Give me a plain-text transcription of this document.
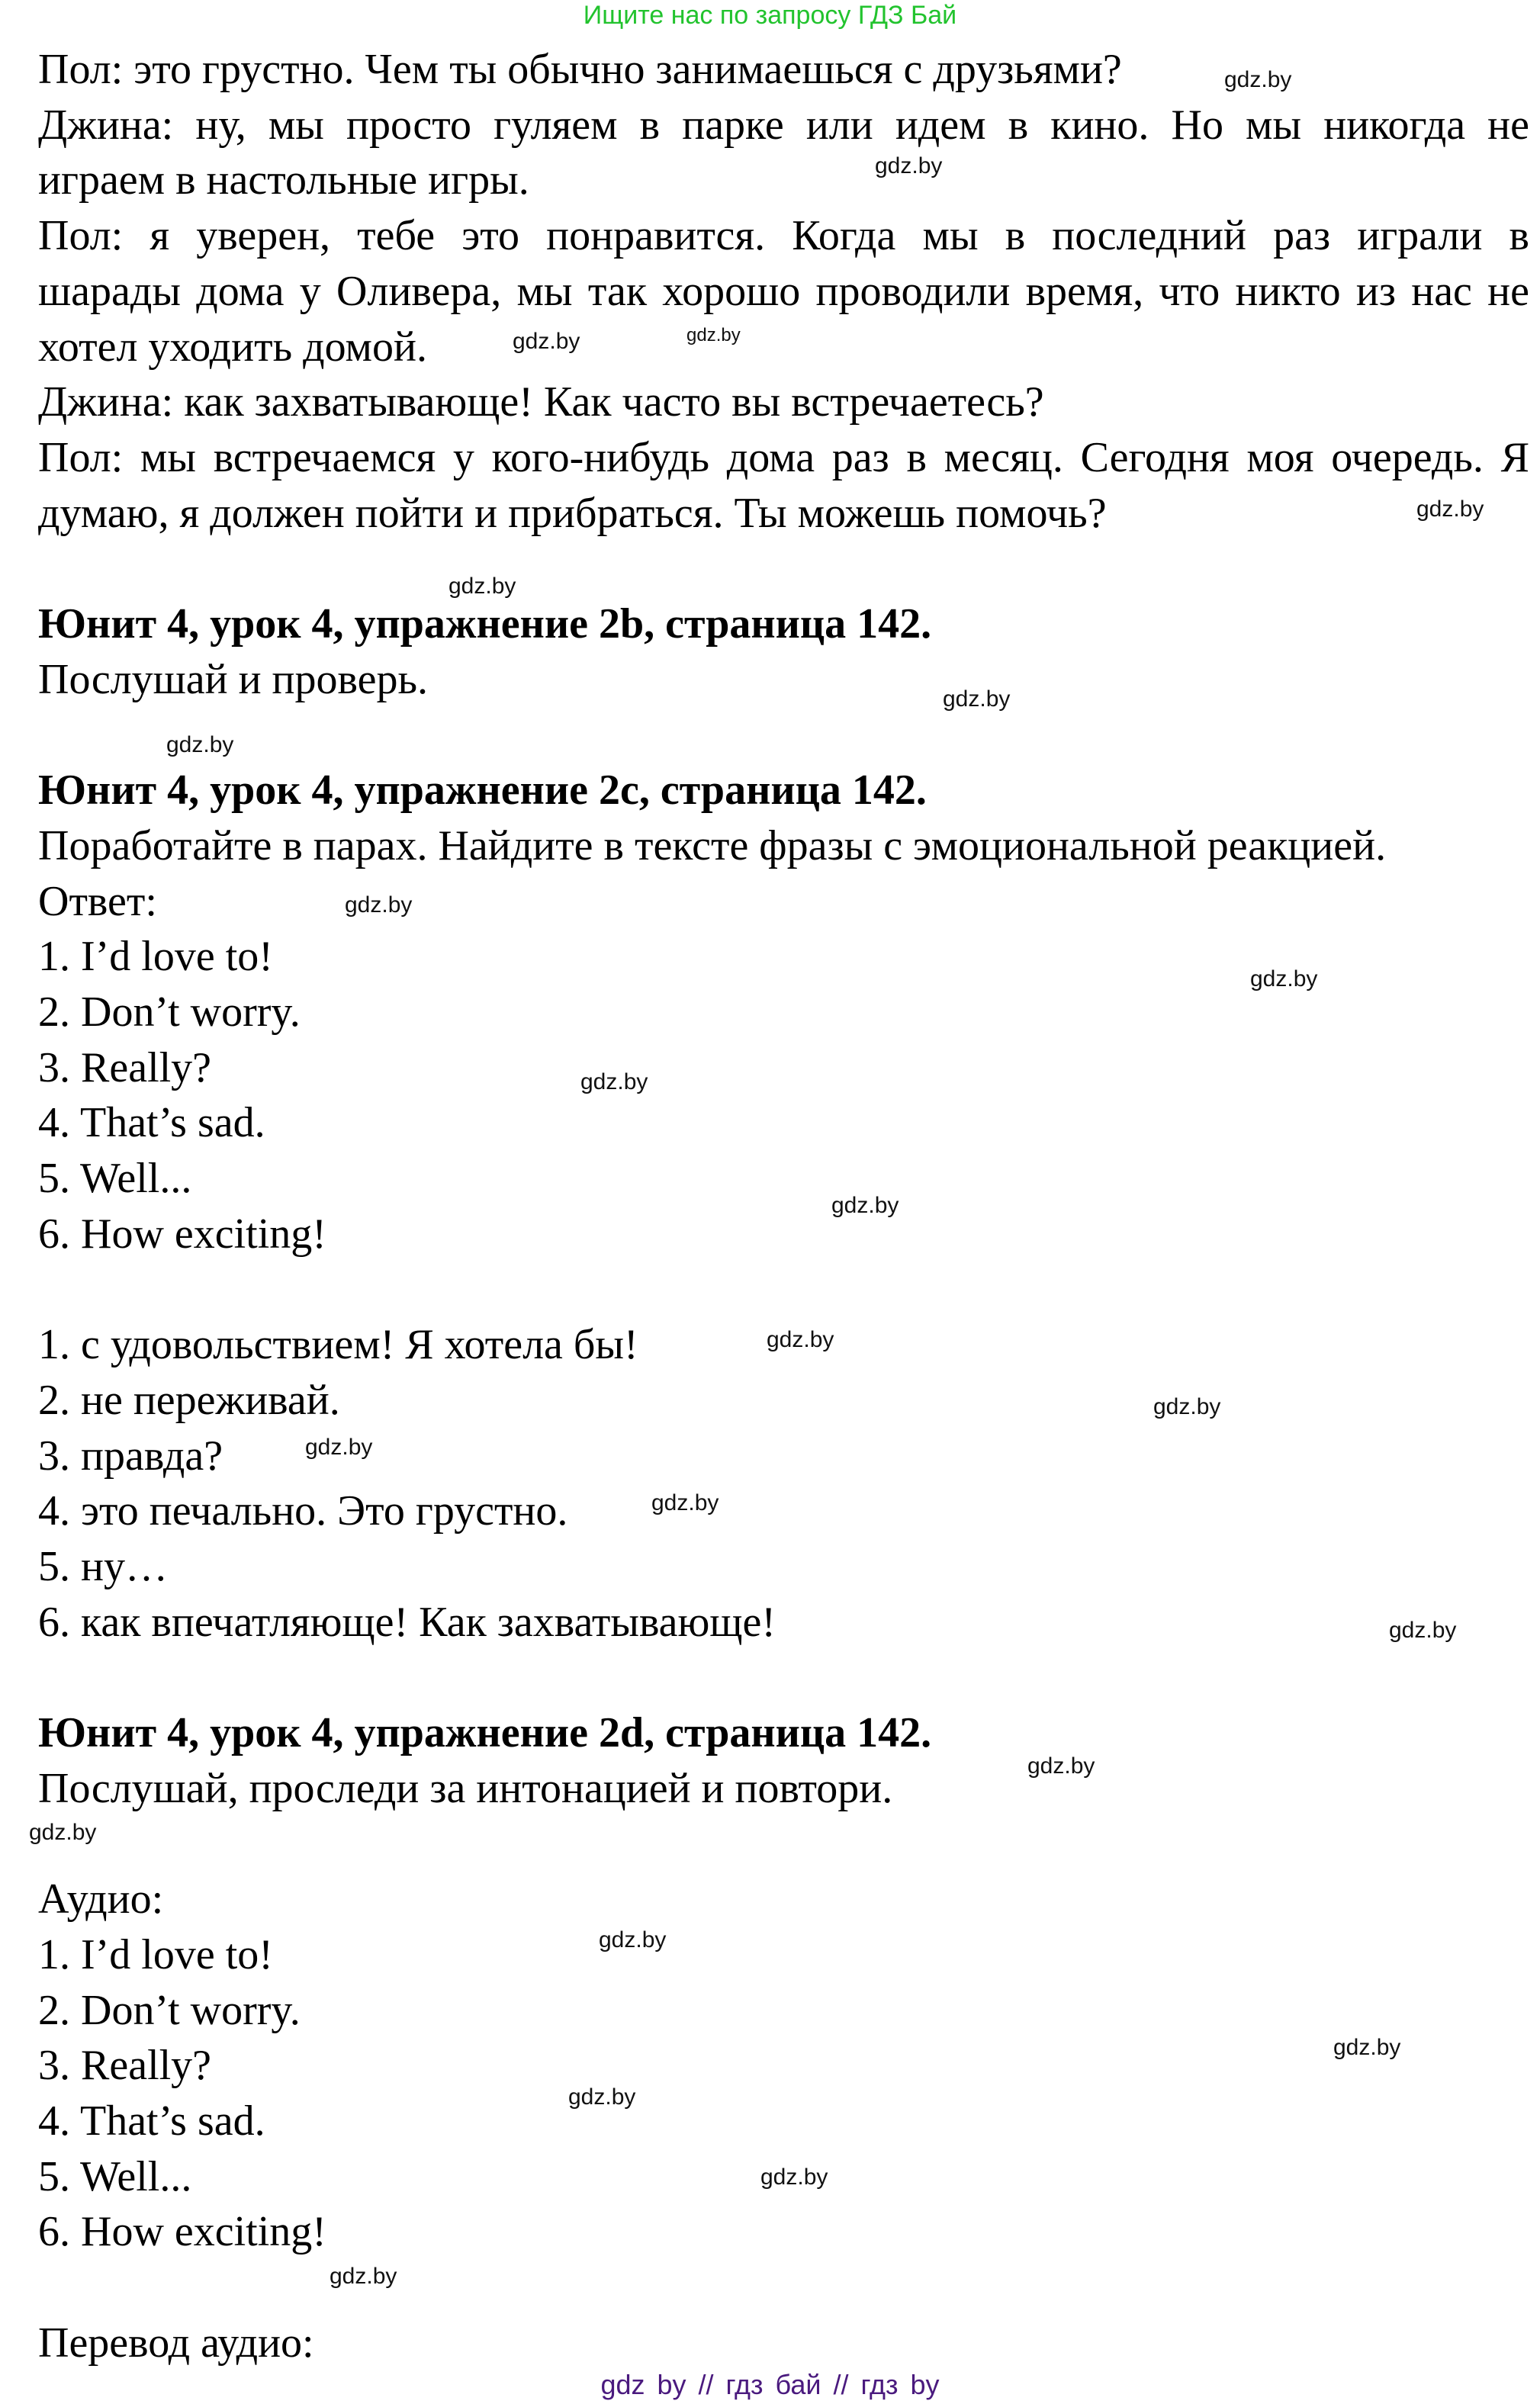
Ищите нас по запросу ГДЗ Бай
Пол: это грустно. Чем ты обычно занимаешься с друзьями?
Джина: ну, мы просто гуляем в парке или идем в кино. Но мы никогда не
играем в настольные игры.
Пол: я уверен, тебе это понравится. Когда мы в последний раз играли в
шарады дома у Оливера, мы так хорошо проводили время, что никто из нас не
хотел уходить домой.
Джина: как захватывающе! Как часто вы встречаетесь?
Пол: мы встречаемся у кого-нибудь дома раз в месяц. Сегодня моя очередь. Я
думаю, я должен пойти и прибраться. Ты можешь помочь?
Юнит 4, урок 4, упражнение 2b, страница 142.
Послушай и проверь.
Юнит 4, урок 4, упражнение 2c, страница 142.
Поработайте в парах. Найдите в тексте фразы с эмоциональной реакцией.
Ответ:
1. I’d love to!
2. Don’t worry.
3. Really?
4. That’s sad.
5. Well...
6. How exciting!
1. с удовольствием! Я хотела бы!
2. не переживай.
3. правда?
4. это печально. Это грустно.
5. ну…
6. как впечатляюще! Как захватывающе!
Юнит 4, урок 4, упражнение 2d, страница 142.
Послушай, проследи за интонацией и повтори.
Аудио:
1. I’d love to!
2. Don’t worry.
3. Really?
4. That’s sad.
5. Well...
6. How exciting!
Перевод аудио:
gdz.by
gdz.by
gdz.by
gdz.by
gdz.by
gdz.by
gdz.by
gdz.by
gdz.by
gdz.by
gdz.by
gdz.by
gdz.by
gdz.by
gdz.by
gdz.by
gdz.by
gdz.by
gdz.by
gdz.by
gdz.by
gdz.by
gdz.by
gdz.by
gdz by // гдз бай // гдз by
